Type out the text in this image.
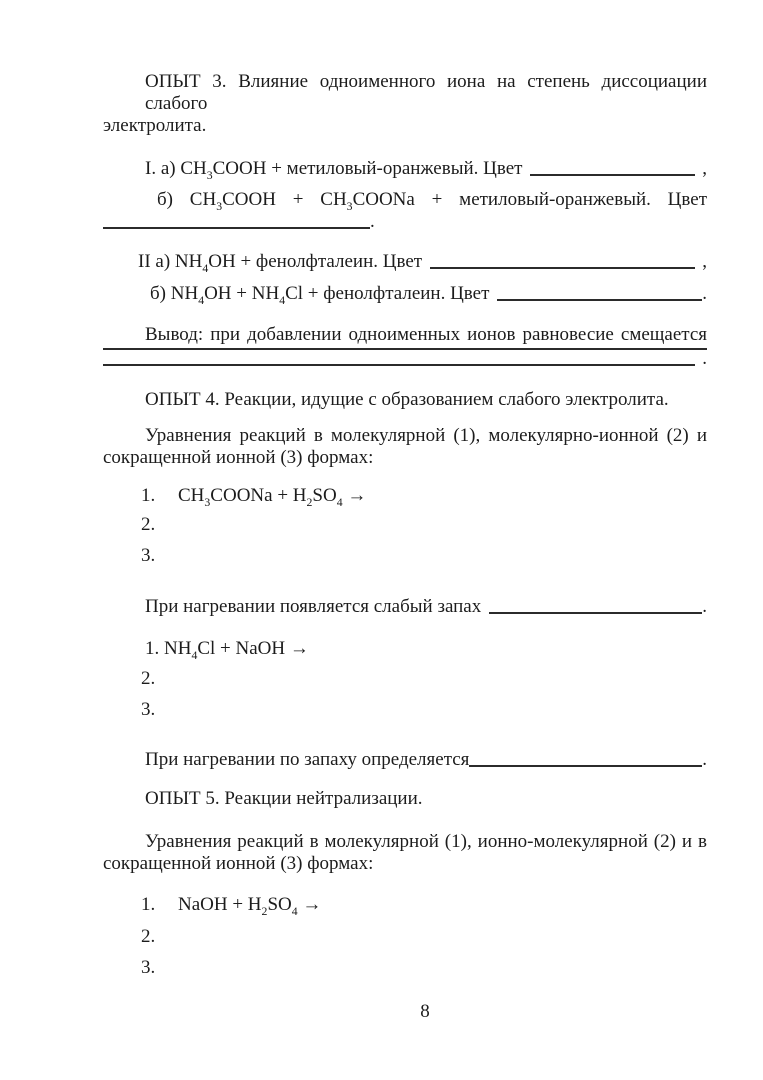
ОПЫТ 3. Влияние одноименного иона на степень диссоциации слабого
электролита.
I. а) $CH_3COOH$ + метиловый-оранжевый. Цвет	,
б) $CH_3COOH$ + $CH_3COONa$ + метиловый-оранжевый. Цвет
.
II а) $NH_4OH$ + фенолфталеин. Цвет	,
б) $NH_4OH + NH_4Cl$ + фенолфталеин. Цвет	.
Вывод: при добавлении одноименных ионов равновесие смещается
.
ОПЫТ 4. Реакции, идущие с образованием слабого электролита.
Уравнения реакций в молекулярной (1), молекулярно-ионной (2) и
сокращенной ионной (3) формах:
1. $CH_3COONa + H_2SO_4$ →
2.
3.
При нагревании появляется слабый запах	.
1. $NH_4Cl$ + NaOH →
2.
3.
При нагревании по запаху определяется	.
ОПЫТ 5. Реакции нейтрализации.
Уравнения реакций в молекулярной (1), ионно-молекулярной (2) и в
сокращенной ионной (3) формах:
1. NaOH + $H_2SO_4$ →
2.
3.
8
